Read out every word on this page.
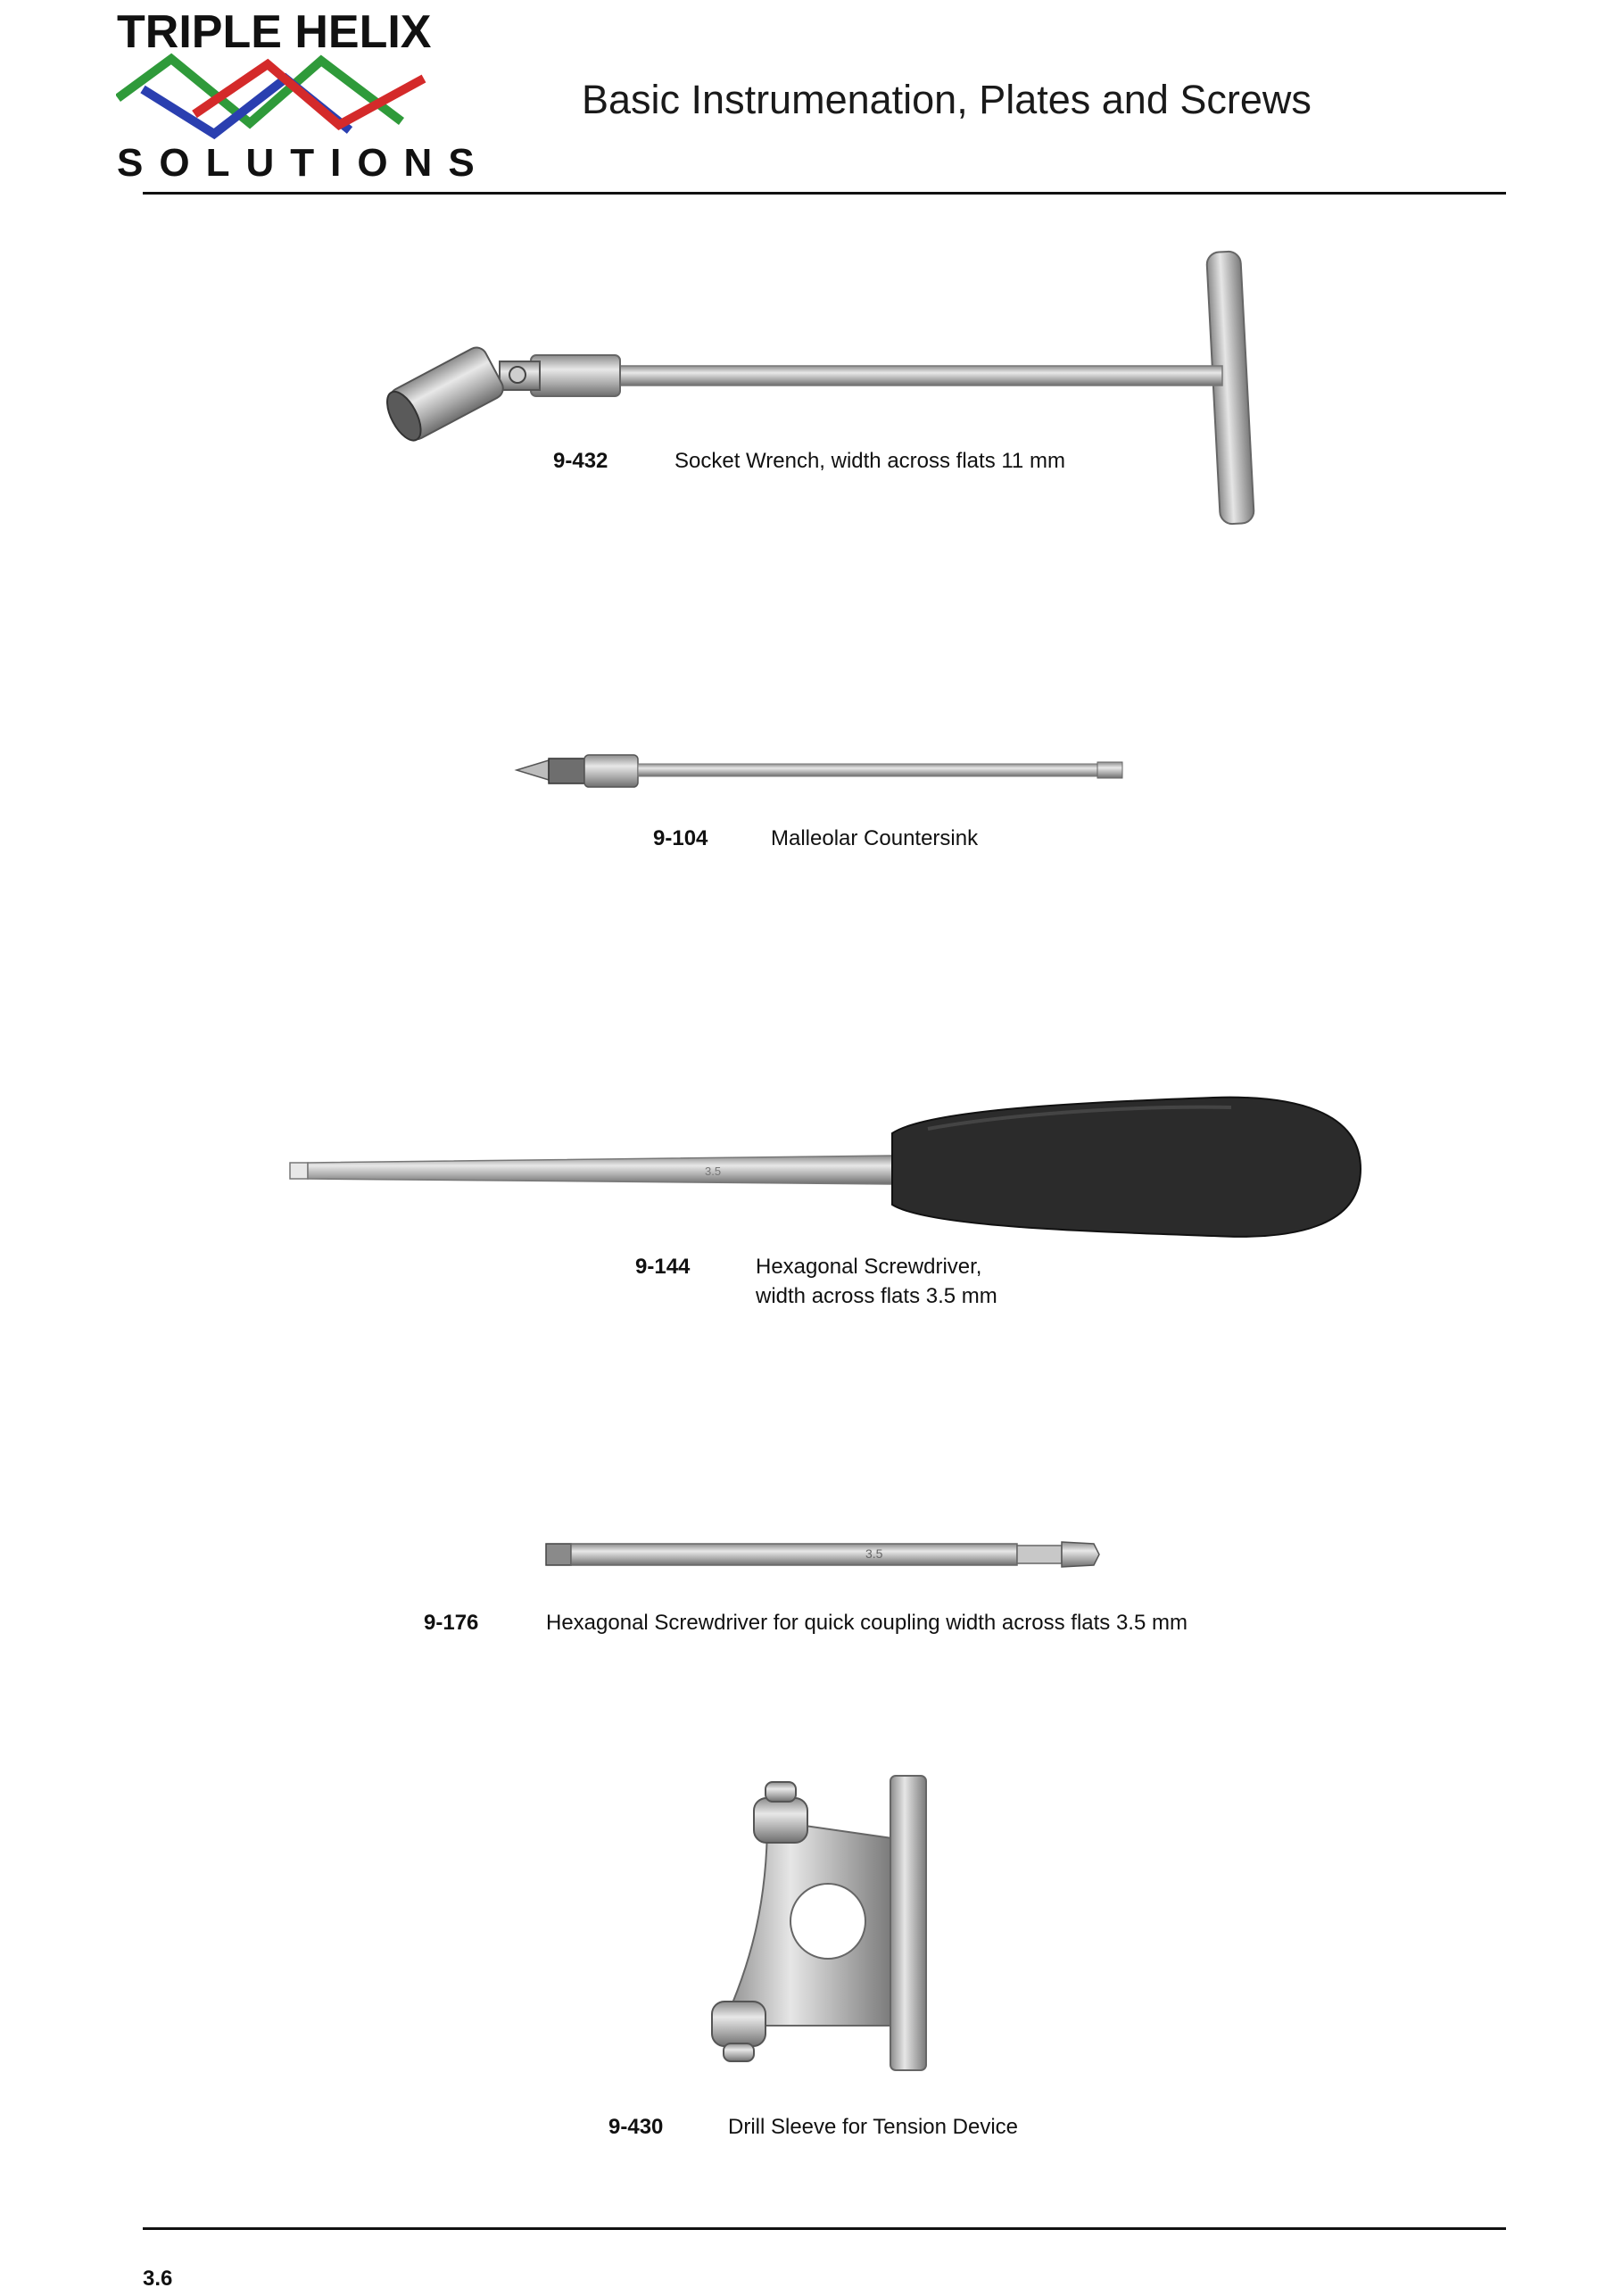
TRIPLE HELIX
SOLUTIONS
Basic Instrumenation, Plates and Screws
9-432	Socket Wrench, width across flats 11 mm
9-104	Malleolar Countersink
3.5
9-144	Hexagonal Screwdriver,
width across flats 3.5 mm
3.5
9-176	Hexagonal Screwdriver for quick coupling width across flats 3.5 mm
9-430	Drill Sleeve for Tension Device
3.6
